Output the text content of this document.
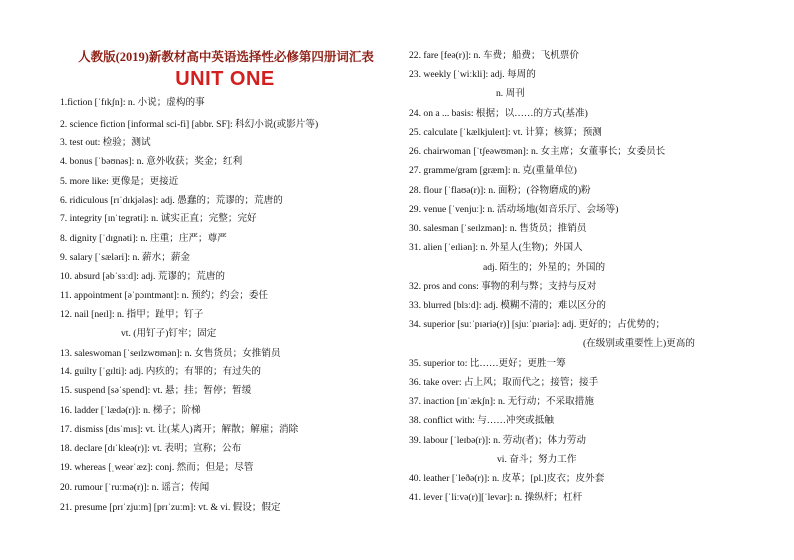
人教版(2019)新教材高中英语选择性必修第四册词汇表
UNIT ONE
1.fiction [ˈfɪkʃn]: n. 小说；虚构的事
2. science fiction [informal sci-fi] [abbr. SF]: 科幻小说(或影片等)
3. test out: 检验；测试
4. bonus [ˈbəʊnəs]: n. 意外收获；奖金；红利
5. more like: 更像是；更接近
6. ridiculous [rɪˈdɪkjələs]: adj. 愚蠢的；荒谬的；荒唐的
7. integrity [ɪnˈtegrəti]: n. 诚实正直；完整；完好
8. dignity [ˈdɪgnəti]: n. 庄重；庄严；尊严
9. salary [ˈsæləri]: n. 薪水；薪金
10. absurd [əbˈsɜːd]: adj. 荒谬的；荒唐的
11. appointment [əˈpɔɪntmənt]: n. 预约；约会；委任
12. nail [neɪl]: n. 指甲；趾甲；钉子
vt. (用钉子)钉牢；固定
13. saleswoman [ˈseɪlzwʊmən]: n. 女售货员；女推销员
14. guilty [ˈgɪlti]: adj. 内疚的；有罪的；有过失的
15. suspend [səˈspend]: vt. 悬；挂；暂停；暂缓
16. ladder [ˈlædə(r)]: n. 梯子；阶梯
17. dismiss [dɪsˈmɪs]: vt. 让(某人)离开；解散；解雇；消除
18. declare [dɪˈkleə(r)]: vt. 表明；宣称；公布
19. whereas [ˌweərˈæz]: conj. 然而；但是；尽管
20. rumour [ˈruːmə(r)]: n. 谣言；传闻
21. presume [prɪˈzjuːm] [prɪˈzuːm]: vt. & vi. 假设；假定
22. fare [feə(r)]: n. 车费；船费；飞机票价
23. weekly [ˈwiːkli]: adj. 每周的
n. 周刊
24. on a ... basis: 根据；以……的方式(基准)
25. calculate [ˈkælkjuleɪt]: vt. 计算；核算；预测
26. chairwoman [ˈtʃeəwʊmən]: n. 女主席；女董事长；女委员长
27. gramme/gram [græm]: n. 克(重量单位)
28. flour [ˈflaʊə(r)]: n. 面粉；(谷物磨成的)粉
29. venue [ˈvenjuː]: n. 活动场地(如音乐厅、会场等)
30. salesman [ˈseɪlzmən]: n. 售货员；推销员
31. alien [ˈeɪliən]: n. 外星人(生物)；外国人
adj. 陌生的；外星的；外国的
32. pros and cons: 事物的利与弊；支持与反对
33. blurred [blɜːd]: adj. 模糊不清的；难以区分的
34. superior [suːˈpɪəriə(r)] [sjuːˈpɪəriə]: adj. 更好的；占优势的；
(在级别或重要性上)更高的
35. superior to: 比……更好；更胜一筹
36. take over: 占上风；取而代之；接管；接手
37. inaction [ɪnˈækʃn]: n. 无行动；不采取措施
38. conflict with: 与……冲突或抵触
39. labour [ˈleɪbə(r)]: n. 劳动(者)；体力劳动
vi. 奋斗；努力工作
40. leather [ˈleðə(r)]: n. 皮革；[pl.]皮衣；皮外套
41. lever [ˈliːvə(r)][ˈlevər]: n. 操纵杆；杠杆
